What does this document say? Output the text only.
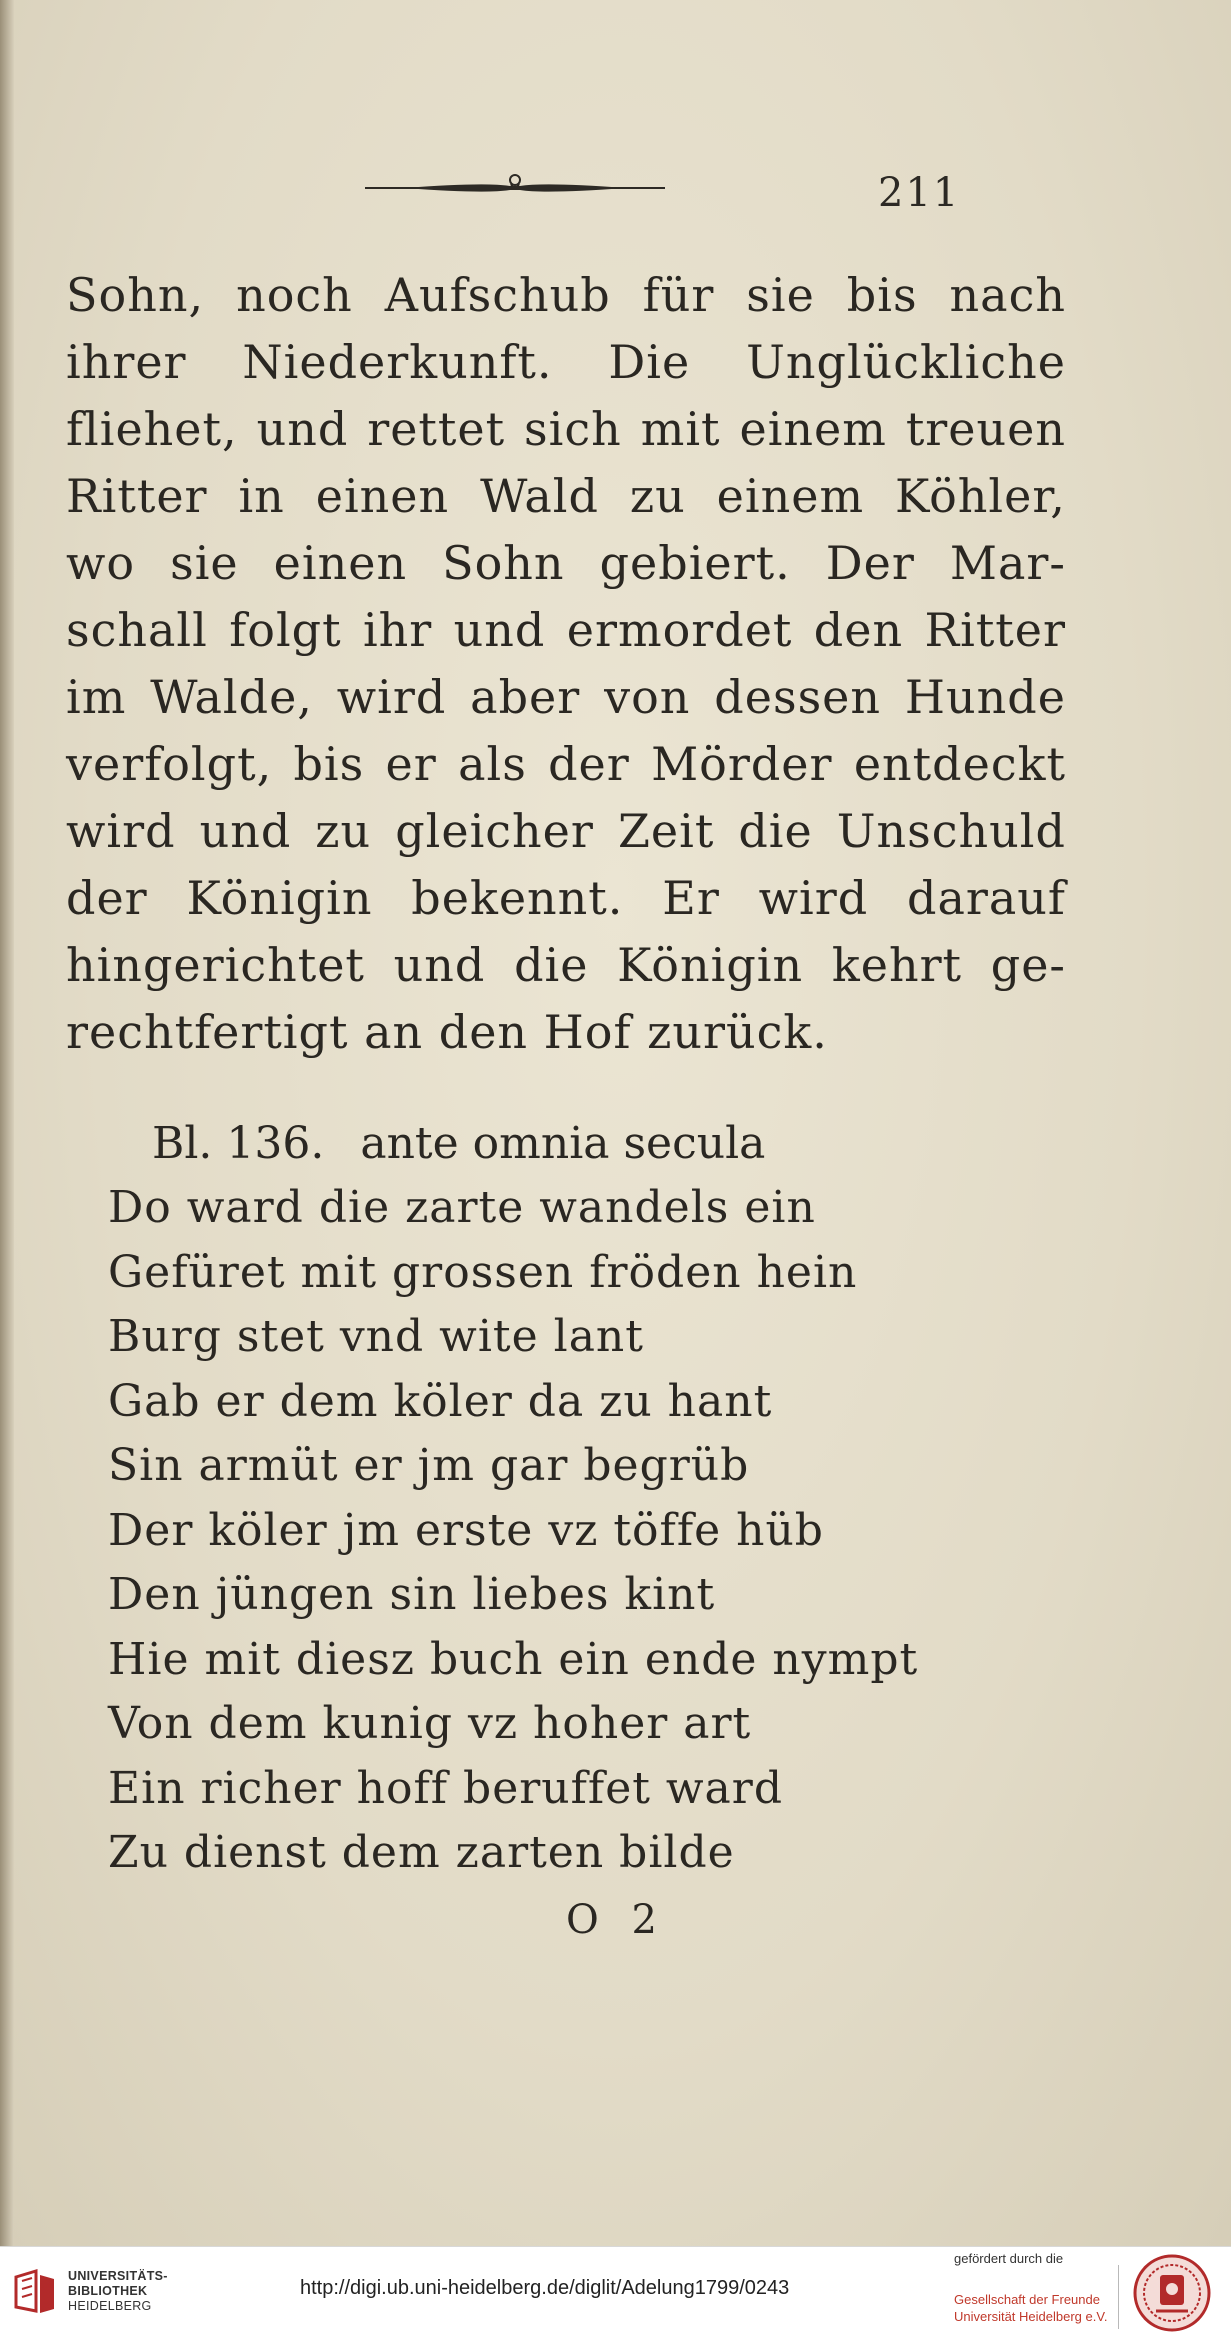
211
Sohn, noch Aufschub für sie bis nach
ihrer Niederkunft. Die Unglückliche
fliehet, und rettet sich mit einem treuen
Ritter in einen Wald zu einem Köhler,
wo sie einen Sohn gebiert. Der Mar-
schall folgt ihr und ermordet den Ritter
im Walde, wird aber von dessen Hunde
verfolgt, bis er als der Mörder entdeckt
wird und zu gleicher Zeit die Unschuld
der Königin bekennt. Er wird darauf
hingerichtet und die Königin kehrt ge-
rechtfertigt an den Hof zurück.
Bl. 136. ante omnia secula
Do ward die zarte wandels ein
Gefüret mit grossen fröden hein
Burg stet vnd wite lant
Gab er dem köler da zu hant
Sin armüt er jm gar begrüb
Der köler jm erste vz töffe hüb
Den jüngen sin liebes kint
Hie mit diesz buch ein ende nympt
Von dem kunig vz hoher art
Ein richer hoff beruffet ward
Zu dienst dem zarten bilde
O 2
UNIVERSITÄTS-
BIBLIOTHEK
HEIDELBERG
http://digi.ub.uni-heidelberg.de/diglit/Adelung1799/0243
gefördert durch die
Gesellschaft der Freunde
Universität Heidelberg e.V.
